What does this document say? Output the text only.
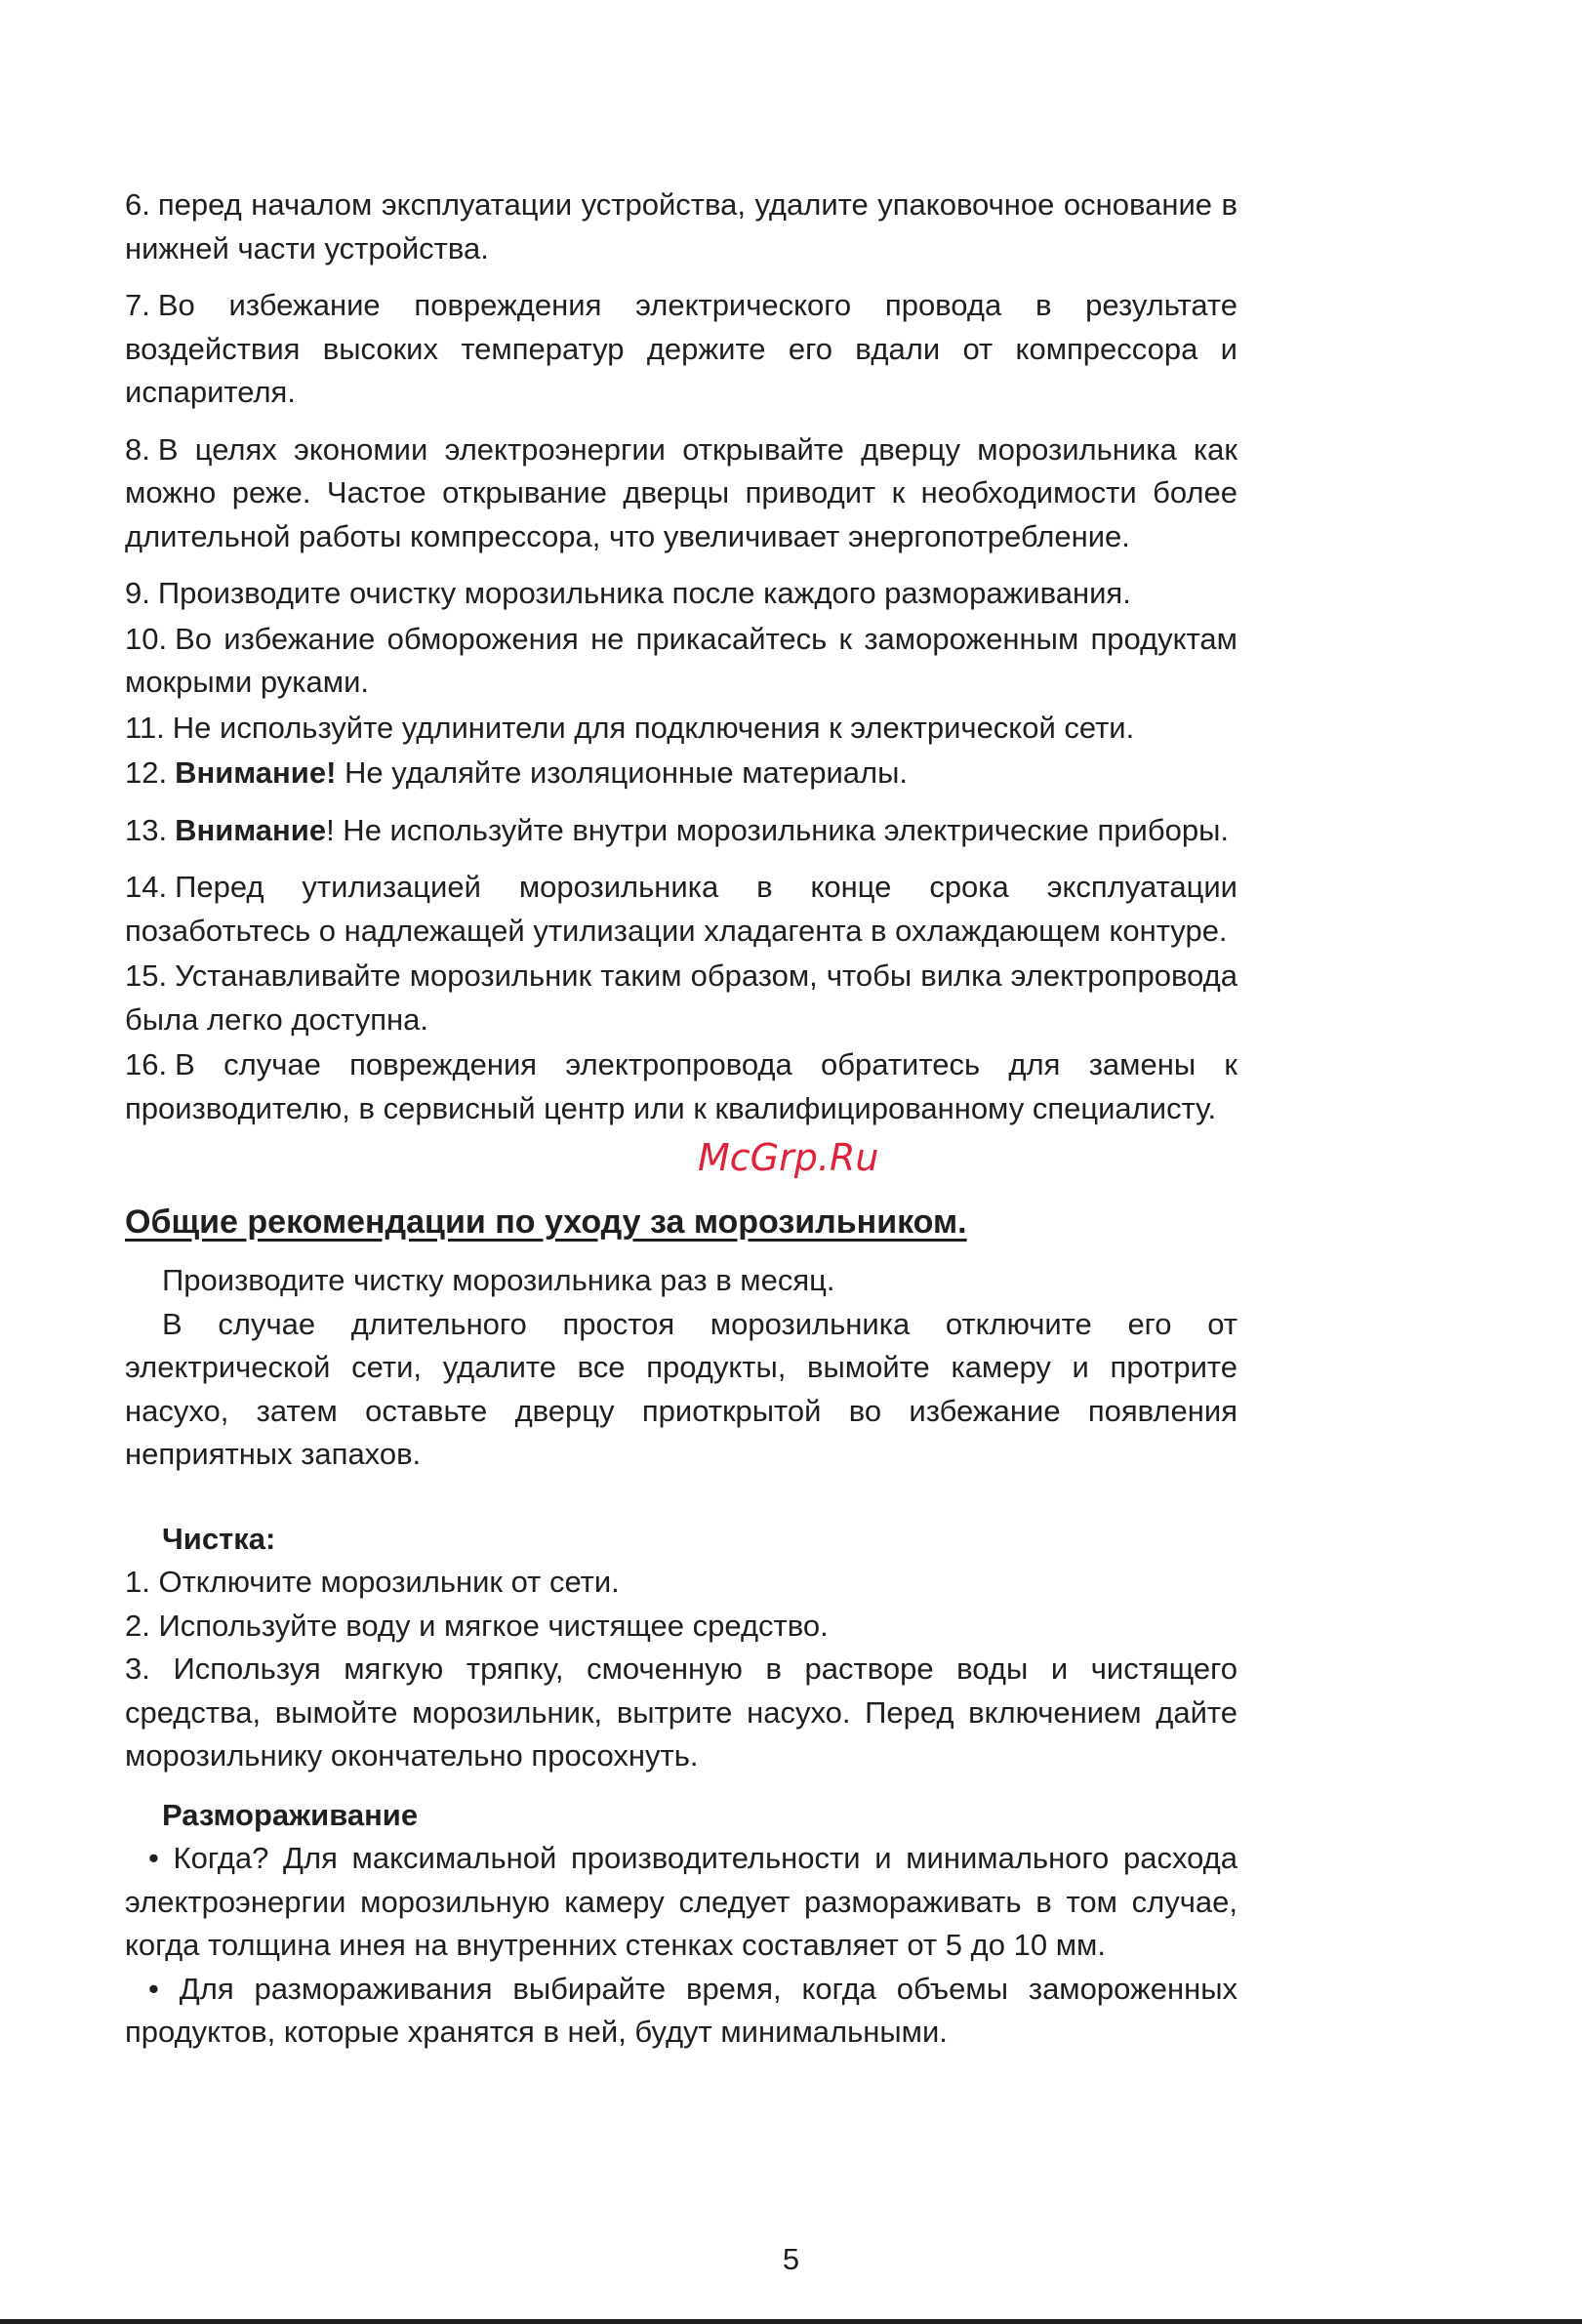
6. перед началом эксплуатации устройства, удалите упаковочное основание в нижней части устройства.

7. Во избежание повреждения электрического провода в результате воздействия высоких температур держите его вдали от компрессора и испарителя.

8. В целях экономии электроэнергии открывайте дверцу морозильника как можно реже. Частое открывание дверцы приводит к необходимости более длительной работы компрессора, что увеличивает энергопотребление.

9. Производите очистку морозильника после каждого размораживания.

10. Во избежание обморожения не прикасайтесь к замороженным продуктам мокрыми руками.

11. Не используйте удлинители для подключения к электрической сети.

12. Внимание! Не удаляйте изоляционные материалы.

13. Внимание! Не используйте внутри морозильника электрические приборы.

14. Перед утилизацией морозильника в конце срока эксплуатации позаботьтесь о надлежащей утилизации хладагента в охлаждающем контуре.

15. Устанавливайте морозильник таким образом, чтобы вилка электропровода была легко доступна.

16. В случае повреждения электропровода обратитесь для замены к производителю, в сервисный центр или к квалифицированному специалисту.

Общие рекомендации по уходу за морозильником.

Производите чистку морозильника раз в месяц.

В случае длительного простоя морозильника отключите его от электрической сети, удалите все продукты, вымойте камеру и протрите насухо, затем оставьте дверцу приоткрытой во избежание появления неприятных запахов.

Чистка:

1. Отключите морозильник от сети.

2. Используйте воду и мягкое чистящее средство.

3. Используя мягкую тряпку, смоченную в растворе воды и чистящего средства, вымойте морозильник, вытрите насухо. Перед включением дайте морозильнику окончательно просохнуть.

Размораживание

• Когда? Для максимальной производительности и минимального расхода электроэнергии морозильную камеру следует размораживать в том случае, когда толщина инея на внутренних стенках составляет от 5 до 10 мм.

• Для размораживания выбирайте время, когда объемы замороженных продуктов, которые хранятся в ней, будут минимальными.

McGrp.Ru
5
